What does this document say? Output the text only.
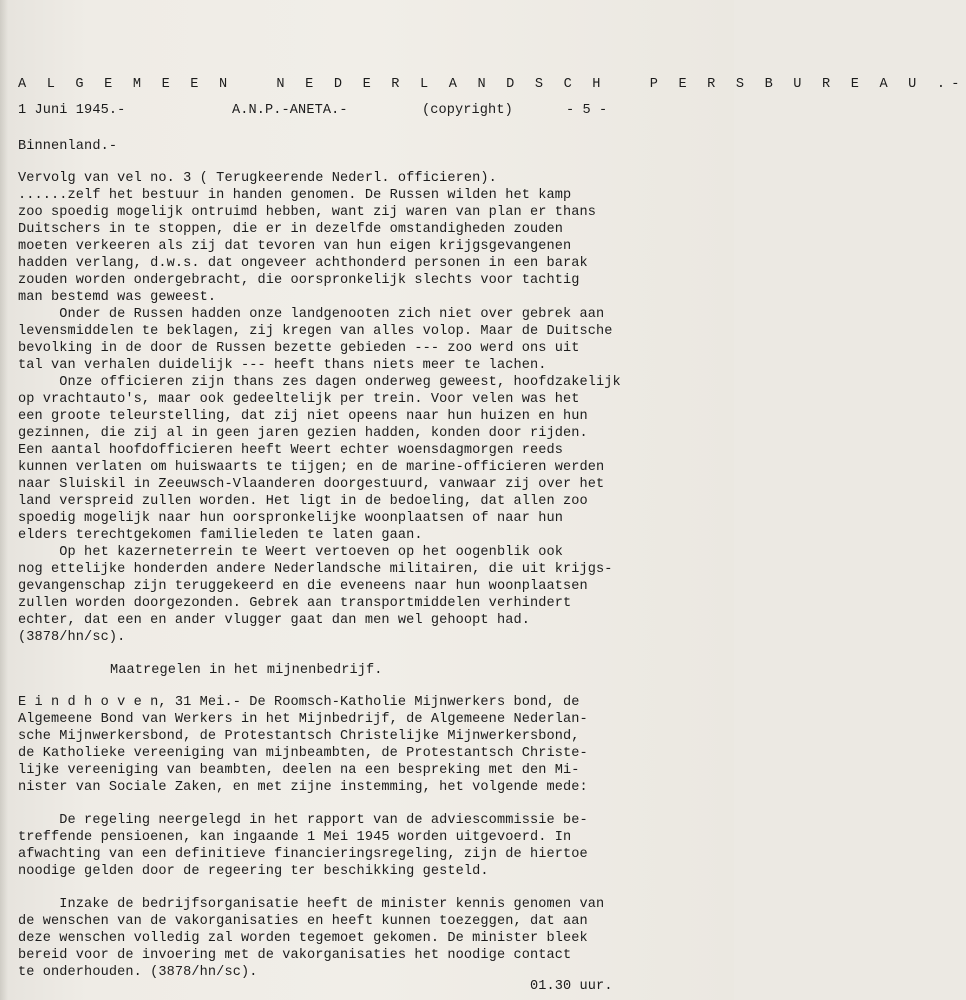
A L G E M E E N   N E D E R L A N D S C H   P E R S B U R E A U .-
1 Juni 1945.-	A.N.P.-ANETA.-	(copyright)	- 5 -
Binnenland.-
Vervolg van vel no. 3 ( Terugkeerende Nederl. officieren).
......zelf het bestuur in handen genomen. De Russen wilden het kamp
zoo spoedig mogelijk ontruimd hebben, want zij waren van plan er thans
Duitschers in te stoppen, die er in dezelfde omstandigheden zouden
moeten verkeeren als zij dat tevoren van hun eigen krijgsgevangenen
hadden verlang, d.w.s. dat ongeveer achthonderd personen in een barak
zouden worden ondergebracht, die oorspronkelijk slechts voor tachtig
man bestemd was geweest.
Onder de Russen hadden onze landgenooten zich niet over gebrek aan
levensmiddelen te beklagen, zij kregen van alles volop. Maar de Duitsche
bevolking in de door de Russen bezette gebieden --- zoo werd ons uit
tal van verhalen duidelijk --- heeft thans niets meer te lachen.
Onze officieren zijn thans zes dagen onderweg geweest, hoofdzakelijk
op vrachtauto's, maar ook gedeeltelijk per trein. Voor velen was het
een groote teleurstelling, dat zij niet opeens naar hun huizen en hun
gezinnen, die zij al in geen jaren gezien hadden, konden door rijden.
Een aantal hoofdofficieren heeft Weert echter woensdagmorgen reeds
kunnen verlaten om huiswaarts te tijgen; en de marine-officieren werden
naar Sluiskil in Zeeuwsch-Vlaanderen doorgestuurd, vanwaar zij over het
land verspreid zullen worden. Het ligt in de bedoeling, dat allen zoo
spoedig mogelijk naar hun oorspronkelijke woonplaatsen of naar hun
elders terechtgekomen familieleden te laten gaan.
Op het kazerneterrein te Weert vertoeven op het oogenblik ook
nog ettelijke honderden andere Nederlandsche militairen, die uit krijgs-
gevangenschap zijn teruggekeerd en die eveneens naar hun woonplaatsen
zullen worden doorgezonden. Gebrek aan transportmiddelen verhindert
echter, dat een en ander vlugger gaat dan men wel gehoopt had.
(3878/hn/sc).
Maatregelen in het mijnenbedrijf.
E i n d h o v e n, 31 Mei.- De Roomsch-Katholie Mijnwerkers bond, de
Algemeene Bond van Werkers in het Mijnbedrijf, de Algemeene Nederlan-
sche Mijnwerkersbond, de Protestantsch Christelijke Mijnwerkersbond,
de Katholieke vereeniging van mijnbeambten, de Protestantsch Christe-
lijke vereeniging van beambten, deelen na een bespreking met den Mi-
nister van Sociale Zaken, en met zijne instemming, het volgende mede:
De regeling neergelegd in het rapport van de adviescommissie be-
treffende pensioenen, kan ingaande 1 Mei 1945 worden uitgevoerd. In
afwachting van een definitieve financieringsregeling, zijn de hiertoe
noodige gelden door de regeering ter beschikking gesteld.
Inzake de bedrijfsorganisatie heeft de minister kennis genomen van
de wenschen van de vakorganisaties en heeft kunnen toezeggen, dat aan
deze wenschen volledig zal worden tegemoet gekomen. De minister bleek
bereid voor de invoering met de vakorganisaties het noodige contact
te onderhouden. (3878/hn/sc).
01.30 uur.
